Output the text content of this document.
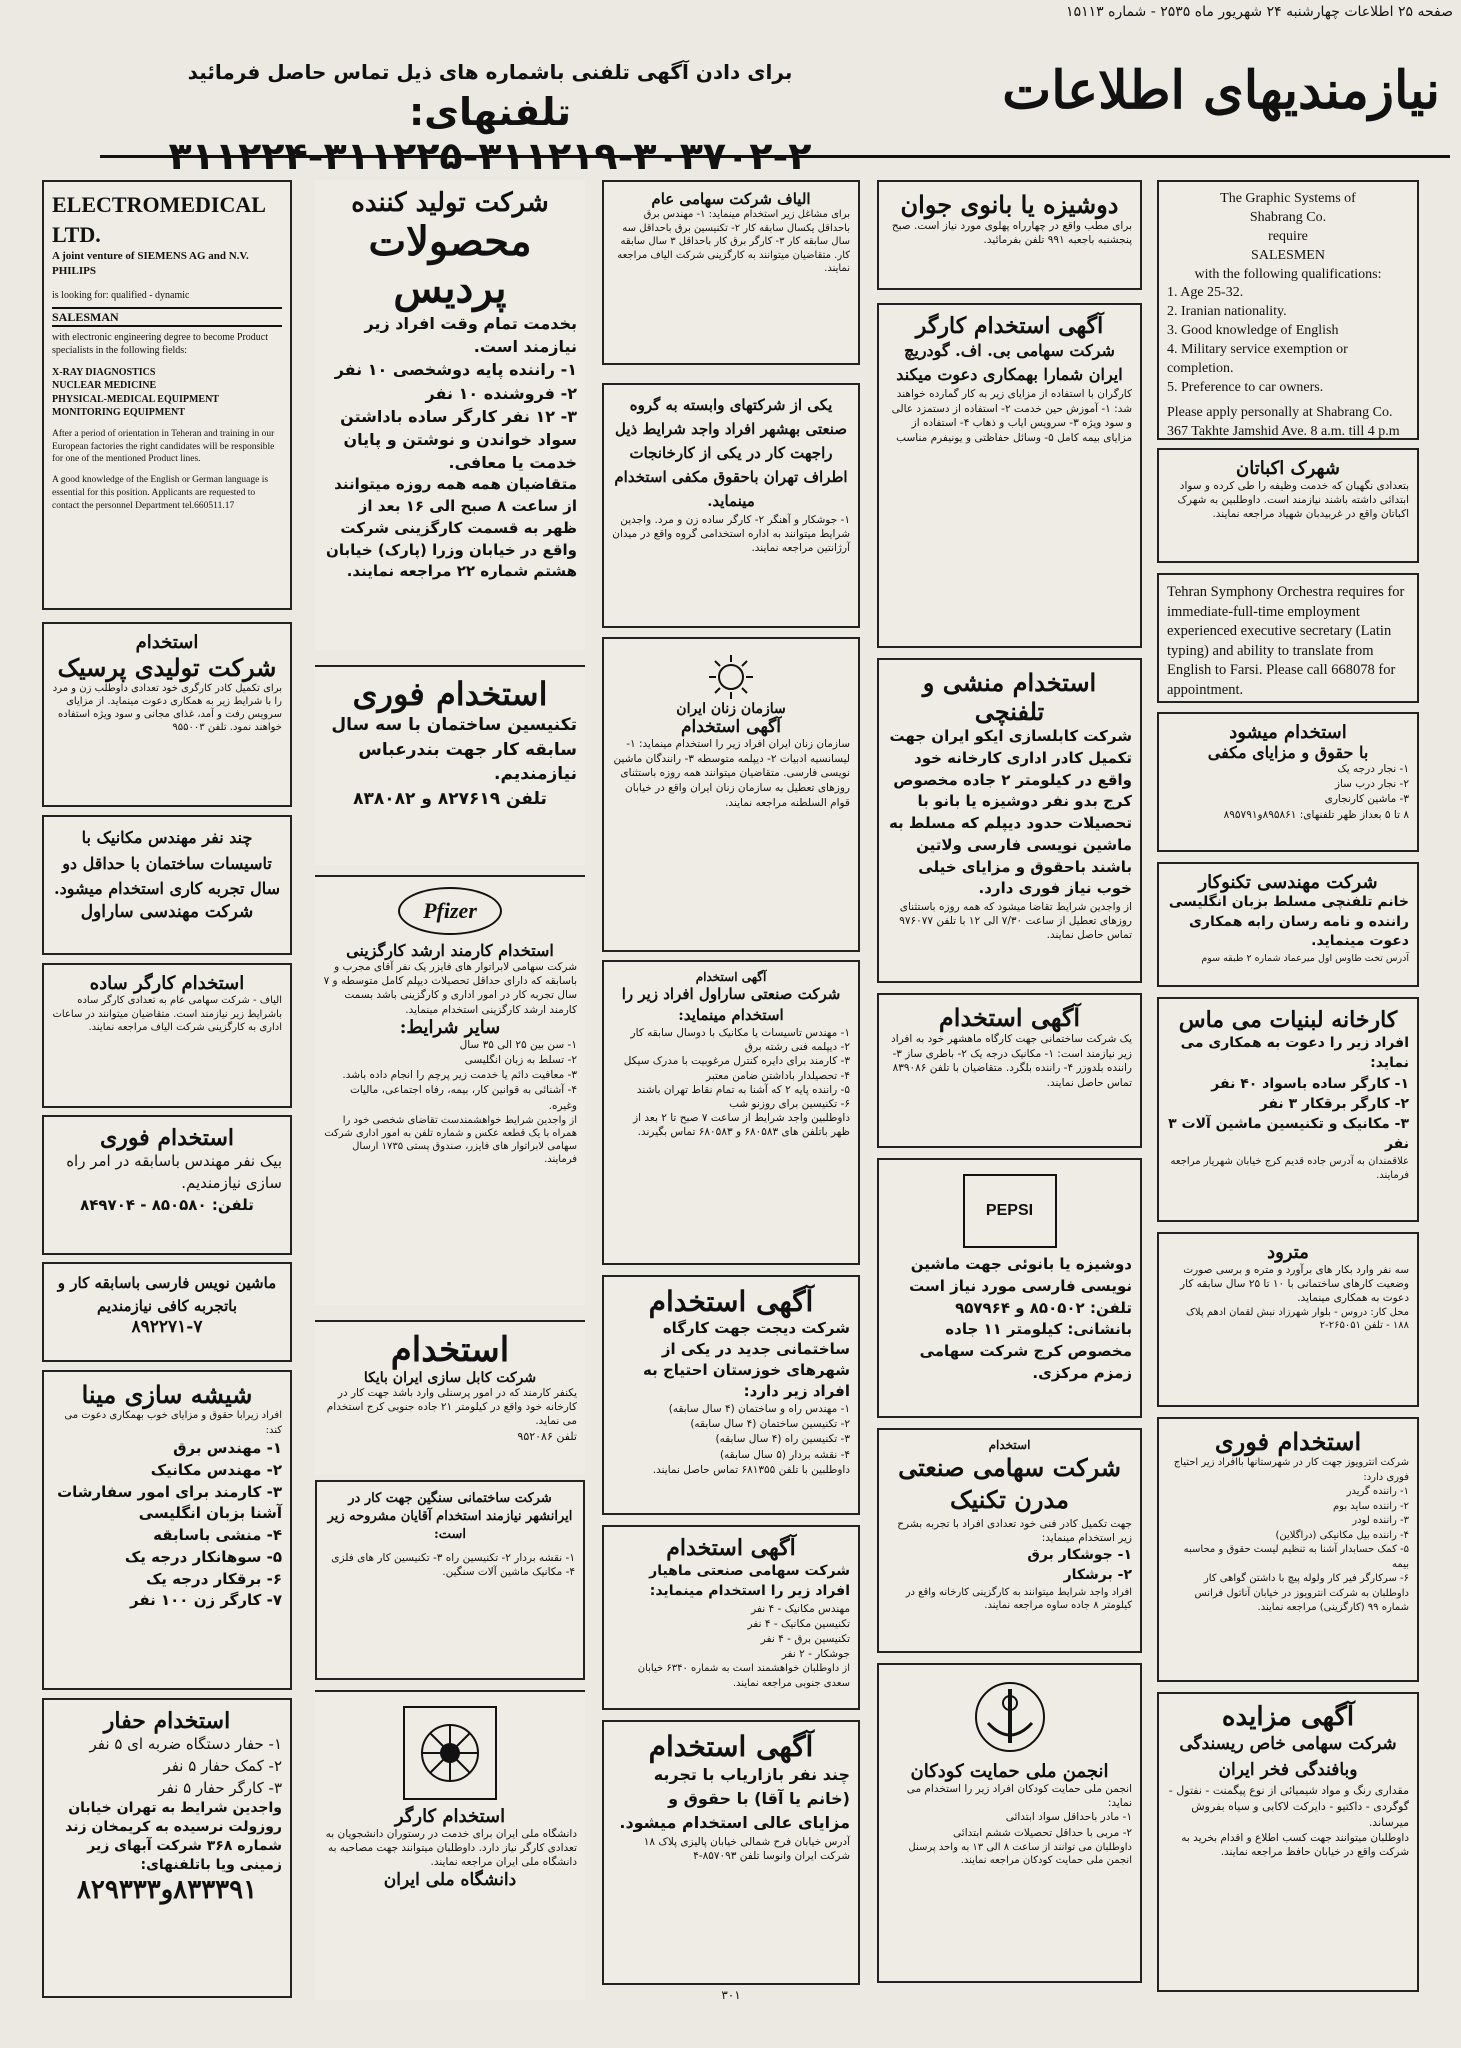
صفحه ۲۵ اطلاعات چهارشنبه ۲۴ شهریور ماه ۲۵۳۵ - شماره ۱۵۱۱۳
نیازمندیهای اطلاعات
برای دادن آگهی تلفنی باشماره های ذیل تماس حاصل فرمائید
تلفنهای: ۲-۳۰۳۷۰۲-۳۱۱۲۱۹-۳۱۱۲۲۵-۳۱۱۲۲۴
ELECTROMEDICAL LTD.
A joint venture of SIEMENS AG and N.V. PHILIPS
is looking for: qualified - dynamic
SALESMAN
with electronic engineering degree to become Product specialists in the following fields:
X-RAY DIAGNOSTICS
NUCLEAR MEDICINE
PHYSICAL-MEDICAL EQUIPMENT
MONITORING EQUIPMENT
After a period of orientation in Teheran and training in our European factories the right candidates will be responsible for one of the mentioned Product lines.
A good knowledge of the English or German language is essential for this position. Applicants are requested to contact the personnel Department tel.660511.17
استخدام
شرکت تولیدی پرسیک
برای تکمیل کادر کارگری خود تعدادی داوطلب زن و مرد را با شرایط زیر به همکاری دعوت مینماید. از مزایای سرویس رفت و آمد، غذای مجانی و سود ویژه استفاده خواهند نمود. تلفن ۹۵۵۰۰۳
چند نفر مهندس مکانیک با تاسیسات ساختمان با حداقل دو سال تجربه کاری استخدام میشود.
شرکت مهندسی ساراول
استخدام کارگر ساده
الیاف - شرکت سهامی عام به تعدادی کارگر ساده باشرایط زیر نیازمند است. متقاضیان میتوانند در ساعات اداری به کارگزینی شرکت الیاف مراجعه نمایند.
استخدام فوری
بیک نفر مهندس باسابقه در امر راه سازی نیازمندیم.
تلفن: ۸۵۰۵۸۰ - ۸۴۹۷۰۴
ماشین نویس فارسی باسابقه کار و باتجربه کافی نیازمندیم
۸۹۲۲۷۱-۷
شیشه سازی مینا
افراد زیرابا حقوق و مزایای خوب بهمکاری دعوت می کند:
۱- مهندس برق
۲- مهندس مکانیک
۳- کارمند برای امور سفارشات آشنا بزبان انگلیسی
۴- منشی باسابقه
۵- سوهانکار درجه یک
۶- برقکار درجه یک
۷- کارگر زن ۱۰۰ نفر
استخدام حفار
۱- حفار دستگاه ضربه ای ۵ نفر
۲- کمک حفار ۵ نفر
۳- کارگر حفار ۵ نفر
واجدین شرایط به تهران خیابان روزولت نرسیده به کریمخان زند شماره ۳۶۸ شرکت آبهای زیر زمینی ویا باتلفنهای:
۸۳۳۳۹۱و۸۲۹۳۳۳
شرکت تولید کننده
محصولات
پردیس
بخدمت تمام وقت افراد زیر نیازمند است.
۱- راننده پایه دوشخصی ۱۰ نفر
۲- فروشنده ۱۰ نفر
۳- ۱۲ نفر کارگر ساده باداشتن سواد خواندن و نوشتن و پایان خدمت یا معافی.
متقاضیان همه همه روزه میتوانند از ساعت ۸ صبح الی ۱۶ بعد از ظهر به قسمت کارگزینی شرکت واقع در خیابان وزرا (پارک) خیابان هشتم شماره ۲۲ مراجعه نمایند.
استخدام فوری
تکنیسین ساختمان با سه سال سابقه کار جهت بندرعباس نیازمندیم.
تلفن ۸۲۷۶۱۹ و ۸۳۸۰۸۲
Pfizer
استخدام کارمند ارشد کارگزینی
شرکت سهامی لابراتوار های فایزر یک نفر آقای مجرب و باسابقه که دارای حداقل تحصیلات دیپلم کامل متوسطه و ۷ سال تجربه کار در امور اداری و کارگزینی باشد بسمت کارمند ارشد کارگزینی استخدام مینماید.
سایر شرایط:
۱- سن بین ۲۵ الی ۳۵ سال
۲- تسلط به زبان انگلیسی
۳- معافیت دائم یا خدمت زیر پرچم را انجام داده باشد.
۴- آشنائی به قوانین کار، بیمه، رفاه اجتماعی، مالیات وغیره.
از واجدین شرایط خواهشمندست تقاضای شخصی خود را همراه با یک قطعه عکس و شماره تلفن به امور اداری شرکت سهامی لابراتوار های فایزر، صندوق پستی ۱۷۳۵ ارسال فرمایند.
استخدام
شرکت کابل سازی ایران بایکا
یکنفر کارمند که در امور پرسنلی وارد باشد جهت کار در کارخانه خود واقع در کیلومتر ۲۱ جاده جنوبی کرج استخدام می نماید.
تلفن ۹۵۲۰۸۶
شرکت ساختمانی سنگین جهت کار در ایرانشهر نیازمند استخدام آقایان مشروحه زیر است:
۱- نقشه بردار ۲- تکنیسین راه ۳- تکنیسین کار های فلزی ۴- مکانیک ماشین آلات سنگین.
استخدام کارگر
دانشگاه ملی ایران برای خدمت در رستوران دانشجویان به تعدادی کارگر نیاز دارد. داوطلبان میتوانند جهت مصاحبه به دانشگاه ملی ایران مراجعه نمایند.
دانشگاه ملی ایران
الیاف شرکت سهامی عام
برای مشاغل زیر استخدام مینماید: ۱- مهندس برق باحداقل یکسال سابقه کار ۲- تکنیسین برق باحداقل سه سال سابقه کار ۳- کارگر برق کار باحداقل ۳ سال سابقه کار. متقاضیان میتوانند به کارگزینی شرکت الیاف مراجعه نمایند.
یکی از شرکتهای وابسته به گروه صنعتی بهشهر افراد واجد شرایط ذیل راجهت کار در یکی از کارخانجات اطراف تهران باحقوق مکفی استخدام مینماید.
۱- جوشکار و آهنگر ۲- کارگر ساده زن و مرد. واجدین شرایط میتوانند به اداره استخدامی گروه واقع در میدان آرژانتین مراجعه نمایند.
سازمان زنان ایران
آگهی استخدام
سازمان زنان ایران افراد زیر را استخدام مینماید: ۱- لیسانسیه ادبیات ۲- دیپلمه متوسطه ۳- رانندگان ماشین نویسی فارسی. متقاضیان میتوانند همه روزه باستثنای روزهای تعطیل به سازمان زنان ایران واقع در خیابان قوام السلطنه مراجعه نمایند.
آگهی استخدام
شرکت صنعتی ساراول افراد زیر را استخدام مینماید:
۱- مهندس تاسیسات یا مکانیک با دوسال سابقه کار
۲- دیپلمه فنی رشته برق
۳- کارمند برای دایره کنترل مرغوبیت با مدرک سیکل
۴- تحصیلدار باداشتن ضامن معتبر
۵- راننده پایه ۲ که آشنا به تمام نقاط تهران باشند
۶- تکنیسین برای روزنو شب
داوطلبین واجد شرایط از ساعت ۷ صبح تا ۲ بعد از ظهر باتلفن های ۶۸۰۵۸۳ و ۶۸۰۵۸۳ تماس بگیرند.
آگهی استخدام
شرکت دیجت جهت کارگاه ساختمانی جدید در یکی از شهرهای خوزستان احتیاج به افراد زیر دارد:
۱- مهندس راه و ساختمان (۴ سال سابقه)
۲- تکنیسین ساختمان (۴ سال سابقه)
۳- تکنیسین راه (۴ سال سابقه)
۴- نقشه بردار (۵ سال سابقه)
داوطلبین با تلفن ۶۸۱۳۵۵ تماس حاصل نمایند.
آگهی استخدام
شرکت سهامی صنعتی ماهیار افراد زیر را استخدام مینماید:
مهندس مکانیک - ۴ نفر
تکنیسین مکانیک - ۴ نفر
تکنیسین برق - ۴ نفر
جوشکار - ۲ نفر
از داوطلبان خواهشمند است به شماره ۶۳۴۰ خیابان سعدی جنوبی مراجعه نمایند.
آگهی استخدام
چند نفر بازاریاب با تجربه (خانم یا آقا) با حقوق و مزایای عالی استخدام میشود.
آدرس خیابان فرح شمالی خیابان پالیزی پلاک ۱۸ شرکت ایران وانوسا تلفن ۸۵۷۰۹۳-۴
۳۰۱
دوشیزه یا بانوی جوان
برای مطب واقع در چهارراه پهلوی مورد نیاز است. صبح پنجشنبه باجعبه ۹۹۱ تلفن بفرمائید.
آگهی استخدام کارگر
شرکت سهامی بی. اف. گودریچ ایران شمارا بهمکاری دعوت میکند
کارگران با استفاده از مزایای زیر به کار گمارده خواهند شد: ۱- آموزش حین خدمت ۲- استفاده از دستمزد عالی و سود ویژه ۳- سرویس ایاب و ذهاب ۴- استفاده از مزایای بیمه کامل ۵- وسائل حفاظتی و یونیفرم مناسب
استخدام منشی و تلفنچی
شرکت کابلسازی ایکو ایران جهت تکمیل کادر اداری کارخانه خود واقع در کیلومتر ۲ جاده مخصوص کرج بدو نفر دوشیزه یا بانو با تحصیلات حدود دیپلم که مسلط به ماشین نویسی فارسی ولاتین باشند باحقوق و مزایای خیلی خوب نیاز فوری دارد.
از واجدین شرایط تقاضا میشود که همه روزه باستثنای روزهای تعطیل از ساعت ۷/۳۰ الی ۱۲ با تلفن ۹۷۶۰۷۷ تماس حاصل نمایند.
آگهی استخدام
یک شرکت ساختمانی جهت کارگاه ماهشهر خود به افراد زیر نیازمند است: ۱- مکانیک درجه یک ۲- باطری ساز ۳- راننده بلدوزر ۴- راننده بلگرد. متقاضیان با تلفن ۸۳۹۰۸۶ تماس حاصل نمایند.
PEPSI
دوشیزه یا بانوئی جهت ماشین نویسی فارسی مورد نیاز است تلفن: ۸۵۰۵۰۲ و ۹۵۷۹۶۴ بانشانی: کیلومتر ۱۱ جاده مخصوص کرج شرکت سهامی زمزم مرکزی.
استخدام
شرکت سهامی صنعتی مدرن تکنیک
جهت تکمیل کادر فنی خود تعدادی افراد با تجربه بشرح زیر استخدام مینماید:
۱- جوشکار برق
۲- برشکار
افراد واجد شرایط میتوانند به کارگزینی کارخانه واقع در کیلومتر ۸ جاده ساوه مراجعه نمایند.
انجمن ملی حمایت کودکان
انجمن ملی حمایت کودکان افراد زیر را استخدام می نماید:
۱- مادر باحداقل سواد ابتدائی
۲- مربی با حداقل تحصیلات ششم ابتدائی
داوطلبان می توانند از ساعت ۸ الی ۱۳ به واحد پرسنل انجمن ملی حمایت کودکان مراجعه نمایند.
The Graphic Systems of
Shabrang Co.
require
SALESMEN
with the following qualifications:
1. Age 25-32.
2. Iranian nationality.
3. Good knowledge of English
4. Military service exemption or completion.
5. Preference to car owners.
Please apply personally at Shabrang Co. 367 Takhte Jamshid Ave. 8 a.m. till 4 p.m
شهرک اکباتان
بتعدادی نگهبان که خدمت وظیفه را طی کرده و سواد ابتدائی داشته باشند نیازمند است. داوطلبین به شهرک اکباتان واقع در غربیدبان شهیاد مراجعه نمایند.
Tehran Symphony Orchestra requires for immediate-full-time employment experienced executive secretary (Latin typing) and ability to translate from English to Farsi. Please call 668078 for appointment.
استخدام میشود
با حقوق و مزایای مکفی
۱- نجار درجه یک
۲- نجار درب ساز
۳- ماشین کارنجاری
۸ تا ۵ بعداز ظهر تلفنهای: ۸۹۵۸۶۱و۸۹۵۷۹۱
شرکت مهندسی تکنوکار
خانم تلفنچی مسلط بزبان انگلیسی راننده و نامه رسان رابه همکاری دعوت مینماید.
آدرس تخت طاوس اول میرعماد شماره ۲ طبقه سوم
کارخانه لبنیات می ماس
افراد زیر را دعوت به همکاری می نماید:
۱- کارگر ساده باسواد ۴۰ نفر
۲- کارگر برقکار ۳ نفر
۳- مکانیک و تکنیسین ماشین آلات ۳ نفر
علاقمندان به آدرس جاده قدیم کرج خیابان شهریار مراجعه فرمایند.
مترود
سه نفر وارد بکار های برآورد و متره و برسی صورت وضعیت کارهای ساختمانی با ۱۰ تا ۲۵ سال سابقه کار دعوت به همکاری مینماید.
محل کار: دروس - بلوار شهرزاد نبش لقمان ادهم پلاک ۱۸۸ - تلفن ۲۶۵۰۵۱-۲
استخدام فوری
شرکت انترویوز جهت کار در شهرستانها باافراد زیر احتیاج فوری دارد:
۱- راننده گریدر
۲- راننده ساید بوم
۳- راننده لودر
۴- راننده بیل مکانیکی (دراگلاین)
۵- کمک حسابدار آشنا به تنظیم لیست حقوق و محاسبه بیمه
۶- سرکارگر فیر کار ولوله پیچ با داشتن گواهی کار
داوطلبان به شرکت انترویوز در خیابان آناتول فرانس شماره ۹۹ (کارگزینی) مراجعه نمایند.
آگهی مزایده
شرکت سهامی خاص ریسندگی وبافندگی فخر ایران
مقداری رنگ و مواد شیمیائی از نوع پیگمنت - نفتول - گوگردی - داکتیو - دایرکت لاکابی و سیاه بفروش میرساند.
داوطلبان میتوانند جهت کسب اطلاع و اقدام بخرید به شرکت واقع در خیابان حافظ مراجعه نمایند.
